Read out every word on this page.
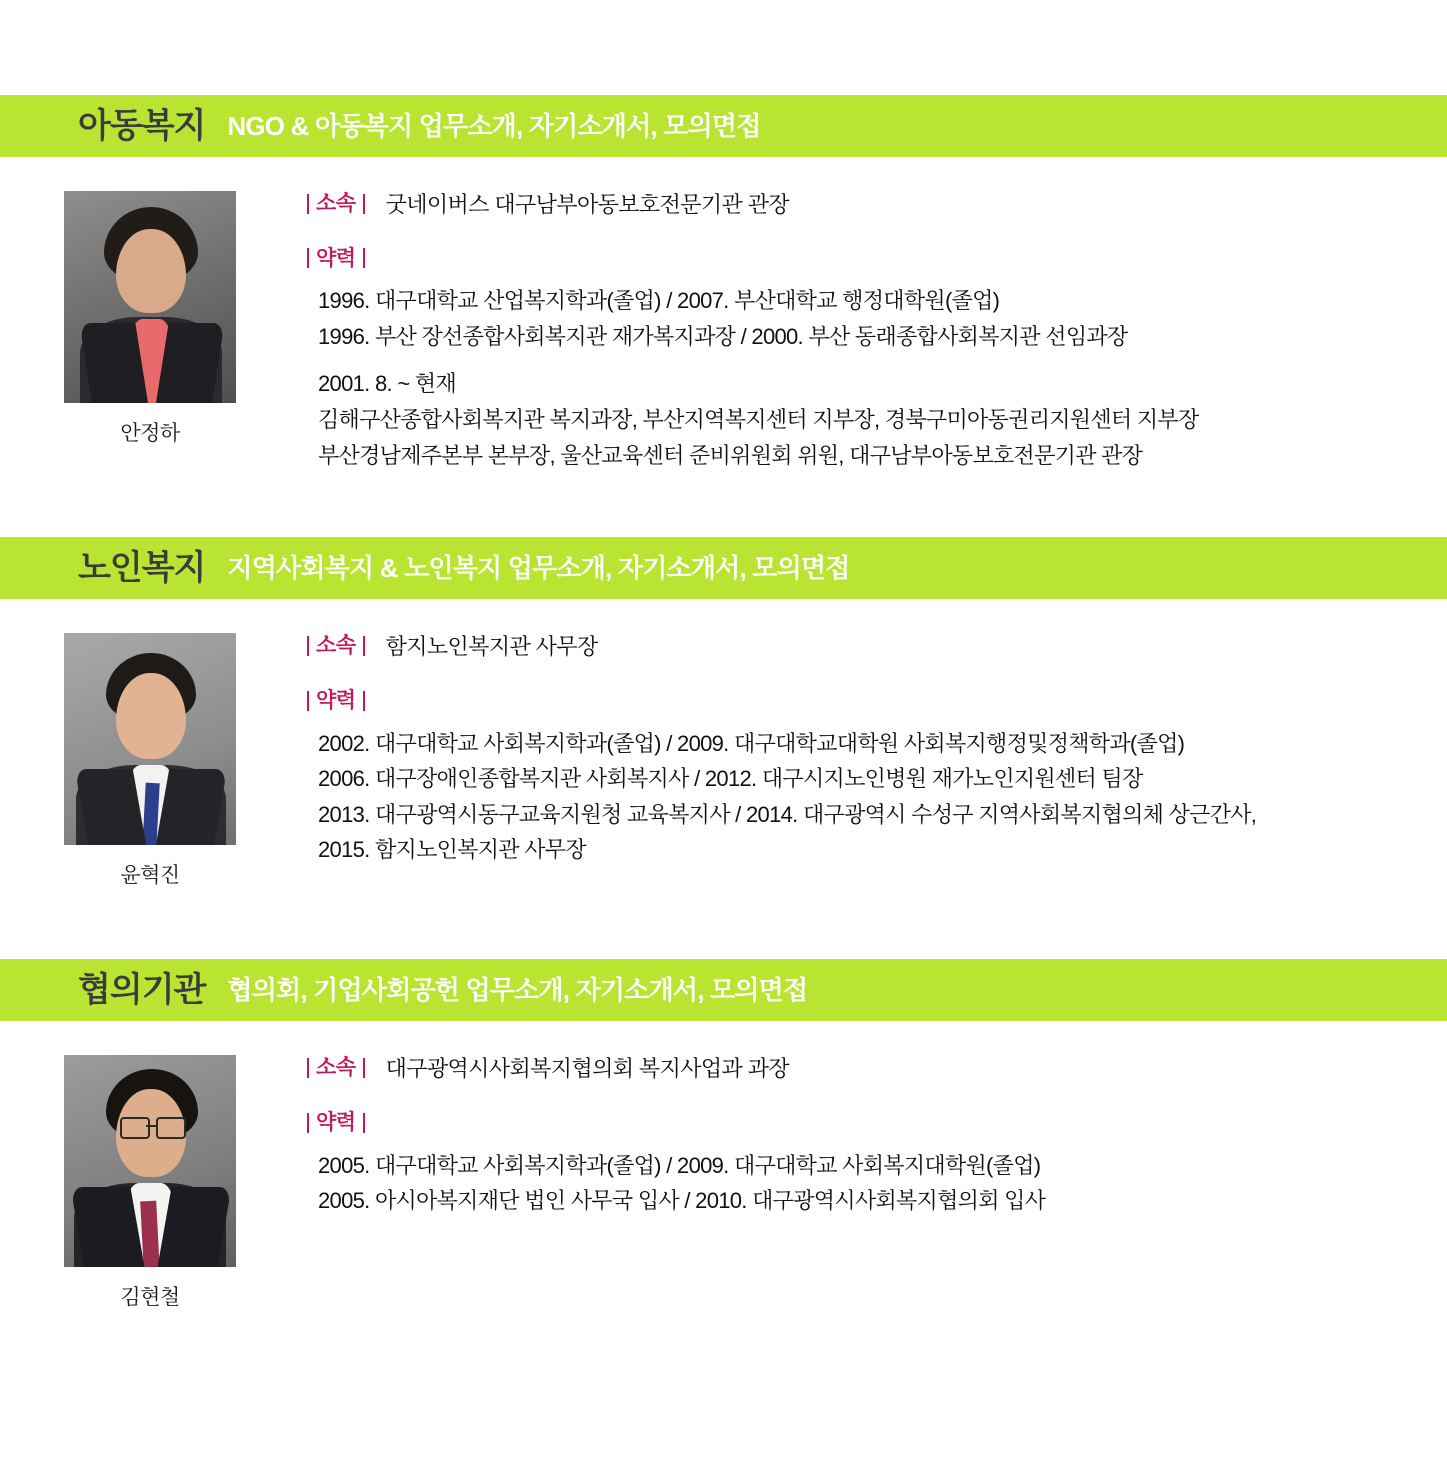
아동복지 NGO & 아동복지 업무소개, 자기소개서, 모의면접
안정하
소속 굿네이버스 대구남부아동보호전문기관 관장
약력
1996. 대구대학교 산업복지학과(졸업) / 2007. 부산대학교 행정대학원(졸업)
1996. 부산 장선종합사회복지관 재가복지과장 / 2000. 부산 동래종합사회복지관 선임과장
2001. 8. ~ 현재
김해구산종합사회복지관 복지과장, 부산지역복지센터 지부장, 경북구미아동권리지원센터 지부장
부산경남제주본부 본부장, 울산교육센터 준비위원회 위원, 대구남부아동보호전문기관 관장
노인복지 지역사회복지 & 노인복지 업무소개, 자기소개서, 모의면접
윤혁진
소속 함지노인복지관 사무장
약력
2002. 대구대학교 사회복지학과(졸업) / 2009. 대구대학교대학원 사회복지행정및정책학과(졸업)
2006. 대구장애인종합복지관 사회복지사 / 2012. 대구시지노인병원 재가노인지원센터 팀장
2013. 대구광역시동구교육지원청 교육복지사 / 2014. 대구광역시 수성구 지역사회복지협의체 상근간사,
2015. 함지노인복지관 사무장
협의기관 협의회, 기업사회공헌 업무소개, 자기소개서, 모의면접
김현철
소속 대구광역시사회복지협의회 복지사업과 과장
약력
2005. 대구대학교 사회복지학과(졸업) / 2009. 대구대학교 사회복지대학원(졸업)
2005. 아시아복지재단 법인 사무국 입사 / 2010. 대구광역시사회복지협의회 입사
